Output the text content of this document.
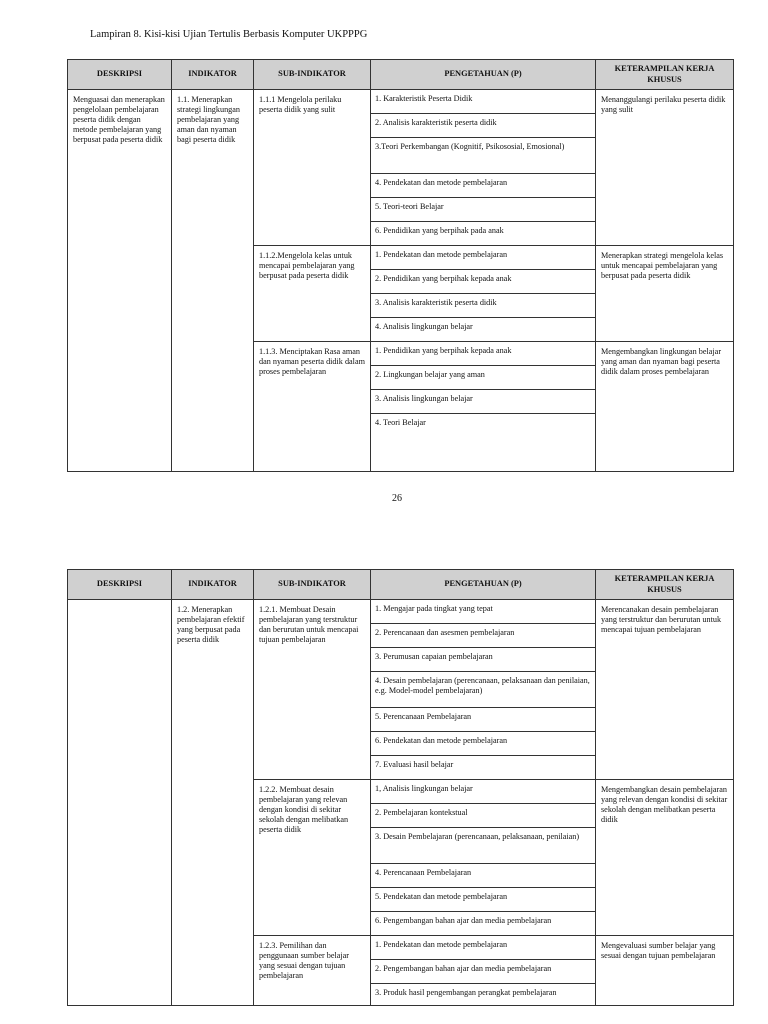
Lampiran 8. Kisi-kisi Ujian Tertulis Berbasis Komputer UKPPPG
DESKRIPSI	INDIKATOR	SUB-INDIKATOR	PENGETAHUAN (P)	KETERAMPILAN KERJA KHUSUS
Menguasai dan menerapkan pengelolaan pembelajaran peserta didik dengan metode pembelajaran yang berpusat pada peserta didik	1.1. Menerapkan strategi lingkungan pembelajaran yang aman dan nyaman bagi peserta didik	1.1.1 Mengelola perilaku peserta didik yang sulit	1. Karakteristik Peserta Didik	Menanggulangi perilaku peserta didik yang sulit
			2. Analisis karakteristik peserta didik	
			3.Teori Perkembangan (Kognitif, Psikososial, Emosional)	
			4. Pendekatan dan metode pembelajaran	
			5. Teori-teori Belajar	
			6. Pendidikan yang berpihak pada anak	
		1.1.2.Mengelola kelas untuk mencapai pembelajaran yang berpusat pada peserta didik	1. Pendekatan dan metode pembelajaran	Menerapkan strategi mengelola kelas untuk mencapai pembelajaran yang berpusat pada peserta didik
			2. Pendidikan yang berpihak kepada anak	
			3. Analisis karakteristik peserta didik	
			4. Analisis lingkungan belajar	
		1.1.3. Menciptakan Rasa aman dan nyaman peserta didik dalam proses pembelajaran	1. Pendidikan yang berpihak kepada anak	Mengembangkan lingkungan belajar yang aman dan nyaman bagi peserta didik dalam proses pembelajaran
			2. Lingkungan belajar yang aman	
			3. Analisis lingkungan belajar	
			4. Teori Belajar	
26
DESKRIPSI	INDIKATOR	SUB-INDIKATOR	PENGETAHUAN (P)	KETERAMPILAN KERJA KHUSUS
	1.2. Menerapkan pembelajaran efektif yang berpusat pada peserta didik	1.2.1. Membuat Desain pembelajaran yang terstruktur dan berurutan untuk mencapai tujuan pembelajaran	1. Mengajar pada tingkat yang tepat	Merencanakan desain pembelajaran yang terstruktur dan berurutan untuk mencapai tujuan pembelajaran
			2. Perencanaan dan asesmen pembelajaran	
			3. Perumusan capaian pembelajaran	
			4. Desain pembelajaran (perencanaan, pelaksanaan dan penilaian, e.g. Model-model pembelajaran)	
			5. Perencanaan Pembelajaran	
			6. Pendekatan dan metode pembelajaran	
			7. Evaluasi hasil belajar	
		1.2.2. Membuat desain pembelajaran yang relevan dengan kondisi di sekitar sekolah dengan melibatkan peserta didik	1, Analisis lingkungan belajar	Mengembangkan desain pembelajaran yang relevan dengan kondisi di sekitar sekolah dengan melibatkan peserta didik
			2. Pembelajaran kontekstual	
			3. Desain Pembelajaran (perencanaan, pelaksanaan, penilaian)	
			4. Perencanaan Pembelajaran	
			5. Pendekatan dan metode pembelajaran	
			6. Pengembangan bahan ajar dan media pembelajaran	
		1.2.3. Pemilihan dan penggunaan sumber belajar yang sesuai dengan tujuan pembelajaran	1. Pendekatan dan metode pembelajaran	Mengevaluasi sumber belajar yang sesuai dengan tujuan pembelajaran
			2. Pengembangan bahan ajar dan media pembelajaran	
			3. Produk hasil pengembangan perangkat pembelajaran	
